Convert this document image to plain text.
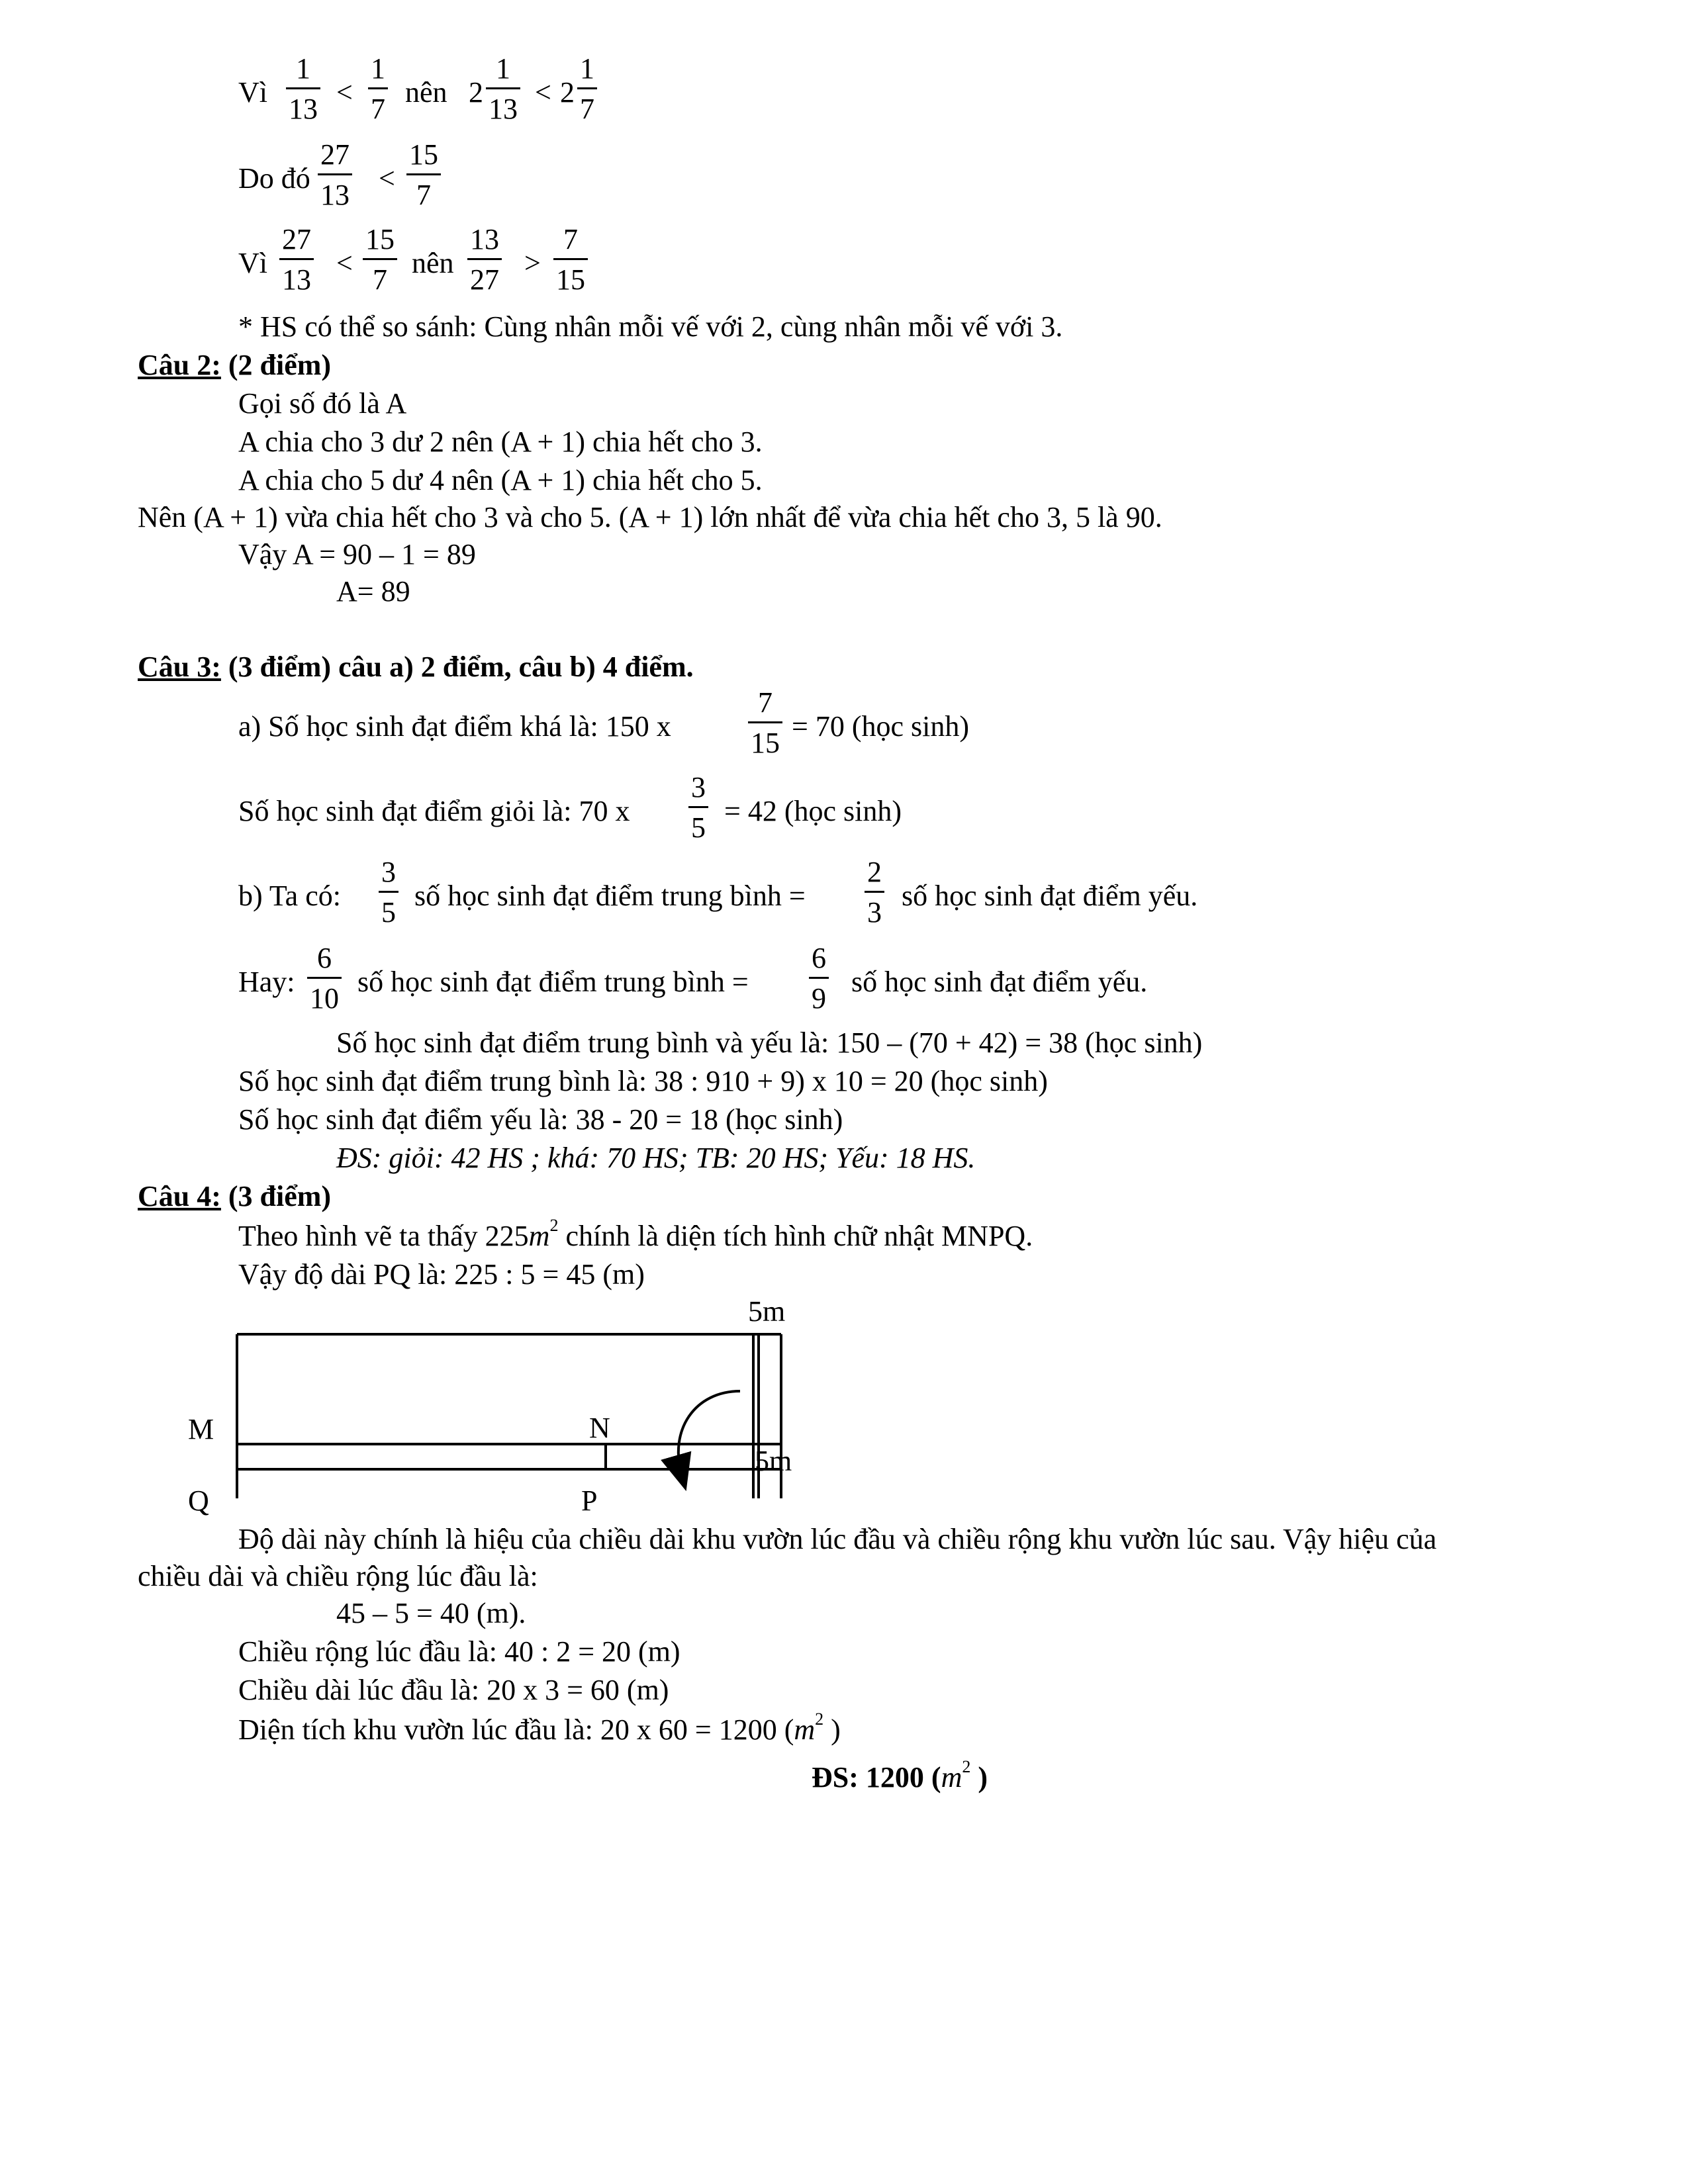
Vì
1
13
<
1
7
nên 2
1
13
< 2
1
7
Do đó
27
13
<
15
7
Vì
27
13
<
15
7
nên
13
27
>
7
15
* HS có thể so sánh: Cùng nhân mỗi vế với 2, cùng nhân mỗi vế với 3.
Câu 2: (2 điểm)
Gọi số đó là A
A chia cho 3 dư 2 nên (A + 1) chia hết cho 3.
A chia cho 5 dư 4 nên (A + 1) chia hết cho 5.
Nên (A + 1) vừa chia hết cho 3 và cho 5. (A + 1) lớn nhất để vừa chia hết cho 3, 5 là 90.
Vậy A = 90 – 1 = 89
A= 89
Câu 3: (3 điểm) câu a) 2 điểm, câu b) 4 điểm.
a) Số học sinh đạt điểm khá là: 150 x
7
15
= 70 (học sinh)
Số học sinh đạt điểm giỏi là: 70 x
3
5
= 42 (học sinh)
b) Ta có:
3
5
số học sinh đạt điểm trung bình =
2
3
số học sinh đạt điểm yếu.
Hay:
6
10
số học sinh đạt điểm trung bình =
6
9
số học sinh đạt điểm yếu.
Số học sinh đạt điểm trung bình và yếu là: 150 – (70 + 42) = 38 (học sinh)
Số học sinh đạt điểm trung bình là: 38 : 910 + 9) x 10 = 20 (học sinh)
Số học sinh đạt điểm yếu là: 38 - 20 = 18 (học sinh)
ĐS: giỏi: 42 HS ; khá: 70 HS; TB: 20 HS; Yếu: 18 HS.
Câu 4: (3 điểm)
Theo hình vẽ ta thấy $225m^2$ chính là diện tích hình chữ nhật MNPQ.
Vậy độ dài PQ là: 225 : 5 = 45 (m)
5m
5m
M	N
Q	P
Độ dài này chính là hiệu của chiều dài khu vườn lúc đầu và chiều rộng khu vườn lúc sau. Vậy hiệu của
chiều dài và chiều rộng lúc đầu là:
45 – 5 = 40 (m).
Chiều rộng lúc đầu là: 40 : 2 = 20 (m)
Chiều dài lúc đầu là: 20 x 3 = 60 (m)
Diện tích khu vườn lúc đầu là: 20 x 60 = 1200 ($m^2$ )
ĐS: 1200 ($m^2$ )
